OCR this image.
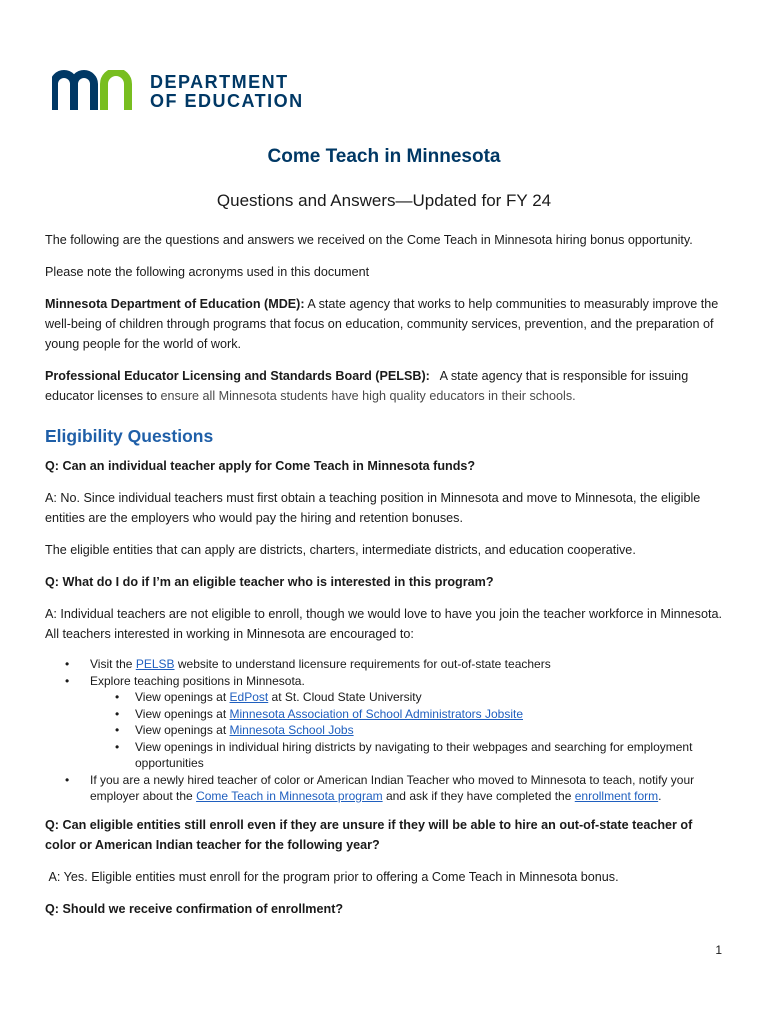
DEPARTMENT
OF EDUCATION
Come Teach in Minnesota
Questions and Answers—Updated for FY 24

The following are the questions and answers we received on the Come Teach in Minnesota hiring bonus opportunity.

Please note the following acronyms used in this document

Minnesota Department of Education (MDE): A state agency that works to help communities to measurably improve the well-being of children through programs that focus on education, community services, prevention, and the preparation of young people for the world of work.

Professional Educator Licensing and Standards Board (PELSB):   A state agency that is responsible for issuing educator licenses to ensure all Minnesota students have high quality educators in their schools.

Eligibility Questions

Q: Can an individual teacher apply for Come Teach in Minnesota funds?

A: No. Since individual teachers must first obtain a teaching position in Minnesota and move to Minnesota, the eligible entities are the employers who would pay the hiring and retention bonuses.

The eligible entities that can apply are districts, charters, intermediate districts, and education cooperative.

Q: What do I do if I’m an eligible teacher who is interested in this program?

A: Individual teachers are not eligible to enroll, though we would love to have you join the teacher workforce in Minnesota. All teachers interested in working in Minnesota are encouraged to:

• Visit the PELSB website to understand licensure requirements for out-of-state teachers
• Explore teaching positions in Minnesota.
• View openings at EdPost at St. Cloud State University
• View openings at Minnesota Association of School Administrators Jobsite
• View openings at Minnesota School Jobs
• View openings in individual hiring districts by navigating to their webpages and searching for employment opportunities
• If you are a newly hired teacher of color or American Indian Teacher who moved to Minnesota to teach, notify your employer about the Come Teach in Minnesota program and ask if they have completed the enrollment form.

Q: Can eligible entities still enroll even if they are unsure if they will be able to hire an out-of-state teacher of color or American Indian teacher for the following year?

A: Yes. Eligible entities must enroll for the program prior to offering a Come Teach in Minnesota bonus.

Q: Should we receive confirmation of enrollment?

1
